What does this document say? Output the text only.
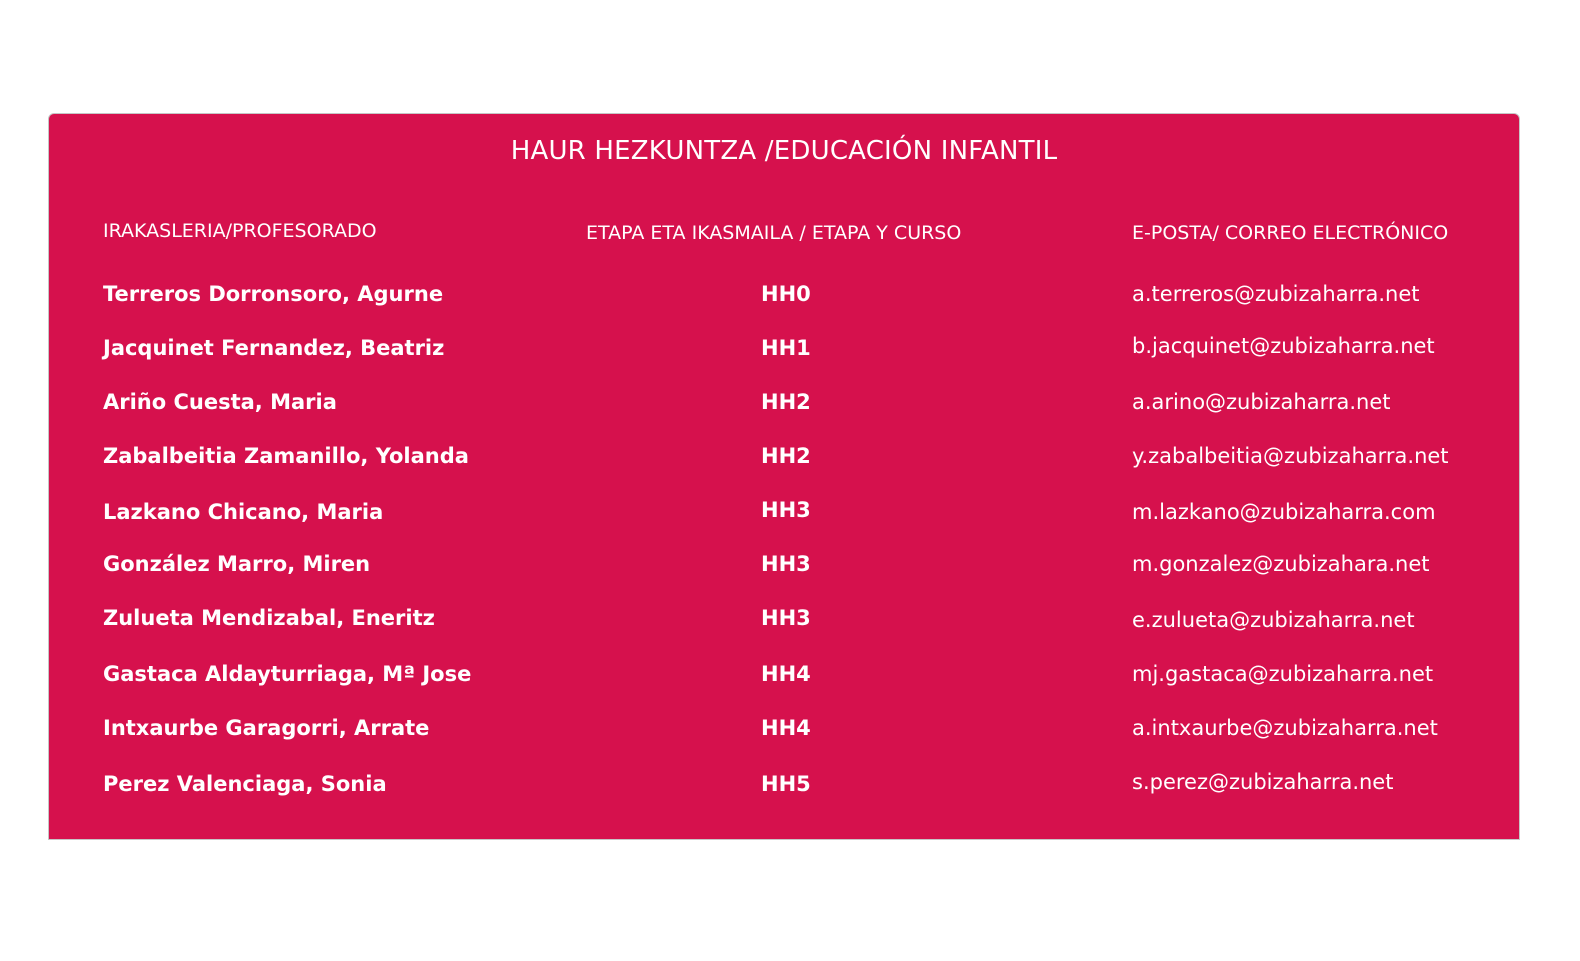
HAUR HEZKUNTZA /EDUCACIÓN INFANTIL
IRAKASLERIA/PROFESORADO	ETAPA ETA IKASMAILA / ETAPA Y CURSO	E-POSTA/ CORREO ELECTRÓNICO
Terreros Dorronsoro, Agurne	HH0	a.terreros@zubizaharra.net
Jacquinet Fernandez, Beatriz	HH1	b.jacquinet@zubizaharra.net
Ariño Cuesta, Maria	HH2	a.arino@zubizaharra.net
Zabalbeitia Zamanillo, Yolanda	HH2	y.zabalbeitia@zubizaharra.net
Lazkano Chicano, Maria	HH3	m.lazkano@zubizaharra.com
González Marro, Miren	HH3	m.gonzalez@zubizahara.net
Zulueta Mendizabal, Eneritz	HH3	e.zulueta@zubizaharra.net
Gastaca Aldayturriaga, Mª Jose	HH4	mj.gastaca@zubizaharra.net
Intxaurbe Garagorri, Arrate	HH4	a.intxaurbe@zubizaharra.net
Perez Valenciaga, Sonia	HH5	s.perez@zubizaharra.net
